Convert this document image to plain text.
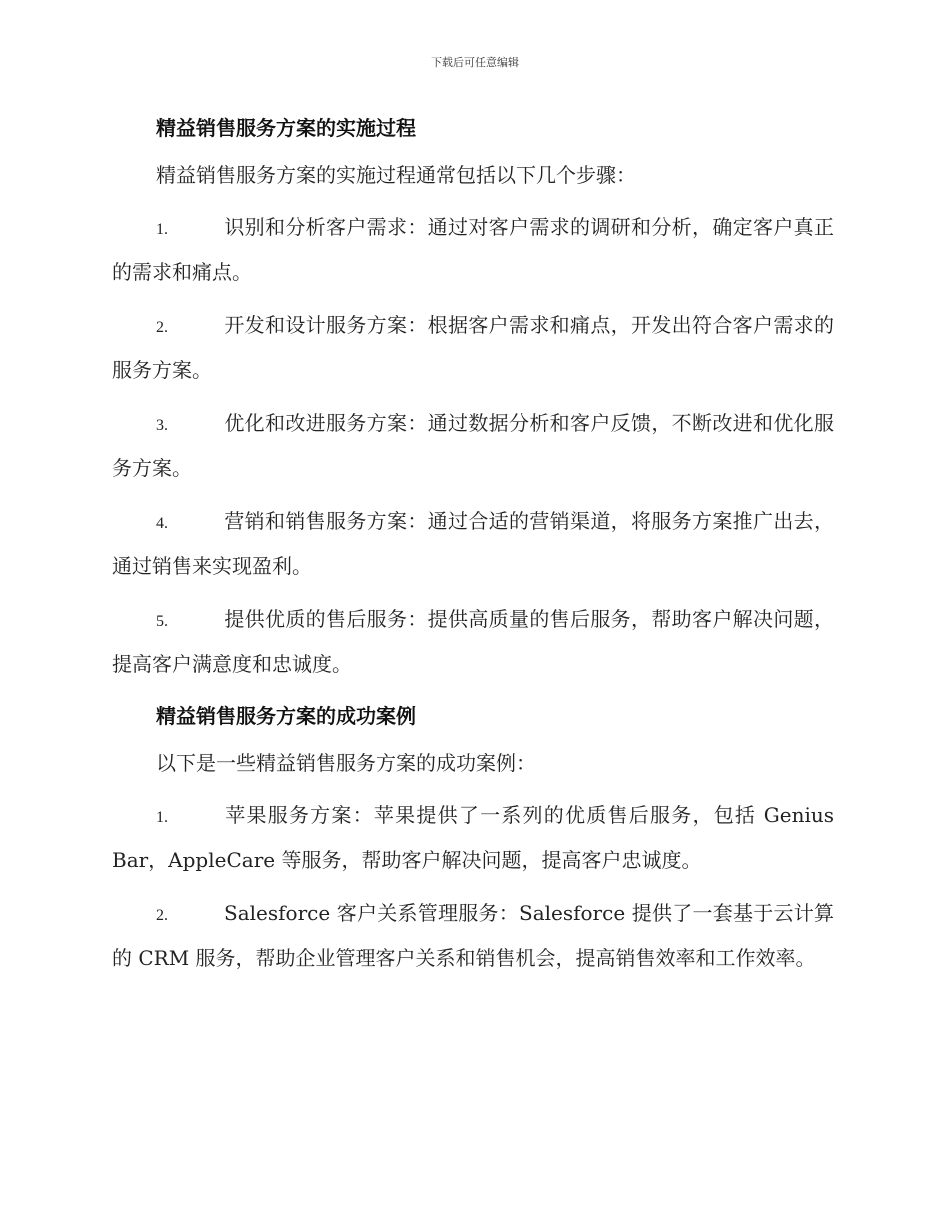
下载后可任意编辑
精益销售服务方案的实施过程
精益销售服务方案的实施过程通常包括以下几个步骤：
1.	识别和分析客户需求：通过对客户需求的调研和分析，确定客户真正的需求和痛点。
2.	开发和设计服务方案：根据客户需求和痛点，开发出符合客户需求的服务方案。
3.	优化和改进服务方案：通过数据分析和客户反馈，不断改进和优化服务方案。
4.	营销和销售服务方案：通过合适的营销渠道，将服务方案推广出去，通过销售来实现盈利。
5.	提供优质的售后服务：提供高质量的售后服务，帮助客户解决问题，提高客户满意度和忠诚度。
精益销售服务方案的成功案例
以下是一些精益销售服务方案的成功案例：
1.	苹果服务方案：苹果提供了一系列的优质售后服务，包括 Genius Bar，AppleCare 等服务，帮助客户解决问题，提高客户忠诚度。
2.	Salesforce 客户关系管理服务：Salesforce 提供了一套基于云计算的 CRM 服务，帮助企业管理客户关系和销售机会，提高销售效率和工作效率。
